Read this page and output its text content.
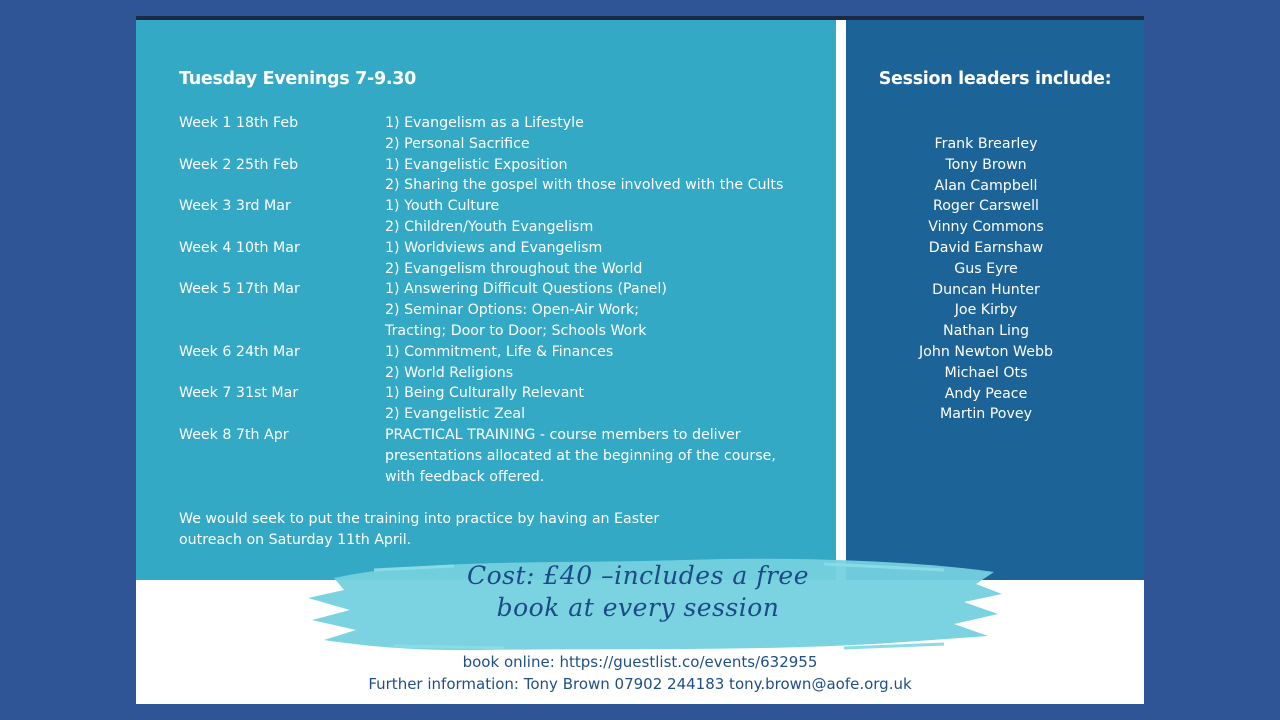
Tuesday Evenings 7-9.30
Week 1 18th Feb	1) Evangelism as a Lifestyle
2) Personal Sacrifice
Week 2 25th Feb	1) Evangelistic Exposition
2) Sharing the gospel with those involved with the Cults
Week 3 3rd Mar	1) Youth Culture
2) Children/Youth Evangelism
Week 4 10th Mar	1) Worldviews and Evangelism
2) Evangelism throughout the World
Week 5 17th Mar	1) Answering Difficult Questions (Panel)
2) Seminar Options: Open-Air Work;
Tracting; Door to Door; Schools Work
Week 6 24th Mar	1) Commitment, Life & Finances
2) World Religions
Week 7 31st Mar	1) Being Culturally Relevant
2) Evangelistic Zeal
Week 8 7th Apr	PRACTICAL TRAINING - course members to deliver
presentations allocated at the beginning of the course,
with feedback offered.
We would seek to put the training into practice by having an Easter
outreach on Saturday 11th April.
Session leaders include:
Frank Brearley
Tony Brown
Alan Campbell
Roger Carswell
Vinny Commons
David Earnshaw
Gus Eyre
Duncan Hunter
Joe Kirby
Nathan Ling
John Newton Webb
Michael Ots
Andy Peace
Martin Povey
Cost: £40 –includes a free
book at every session
book online: https://guestlist.co/events/632955
Further information: Tony Brown 07902 244183 tony.brown@aofe.org.uk
